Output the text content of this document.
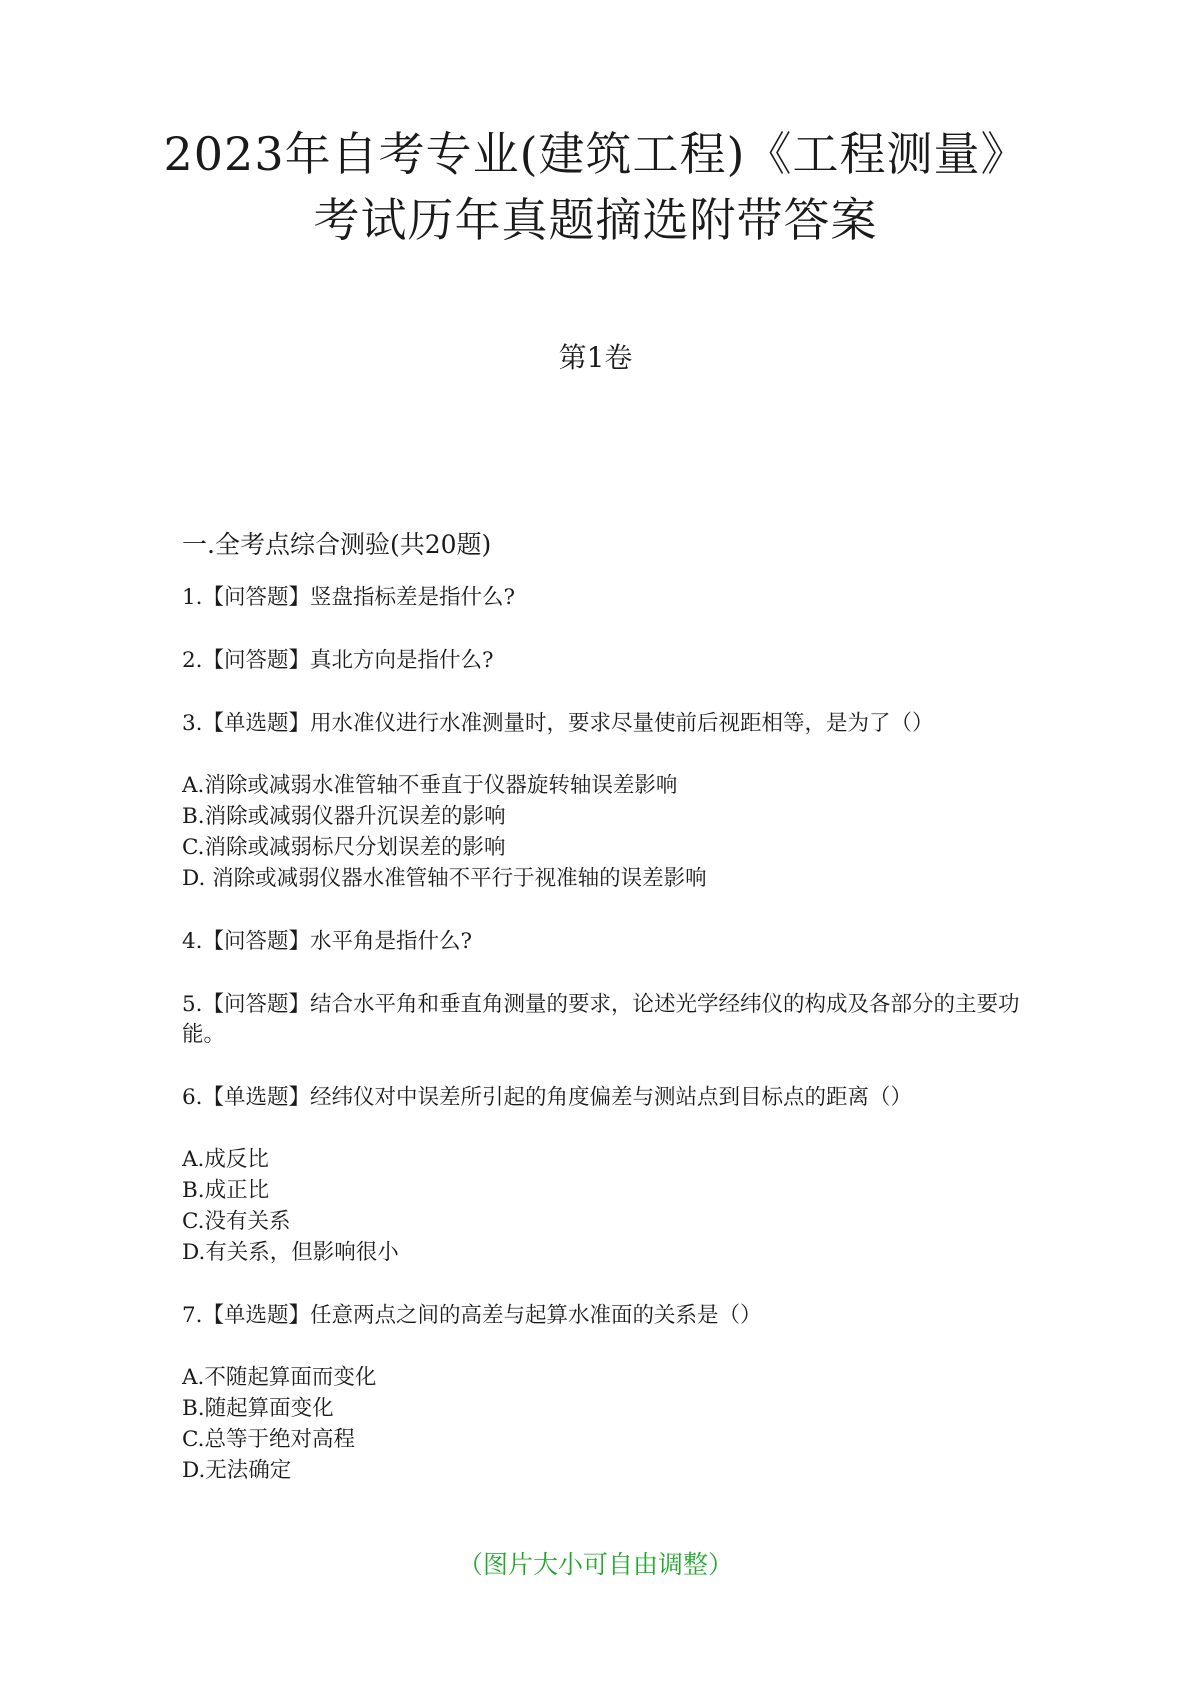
2023年自考专业(建筑工程)《工程测量》
考试历年真题摘选附带答案
第1卷
一.全考点综合测验(共20题)

1.【问答题】竖盘指标差是指什么?

2.【问答题】真北方向是指什么?

3.【单选题】用水准仪进行水准测量时，要求尽量使前后视距相等，是为了（）

A.消除或减弱水准管轴不垂直于仪器旋转轴误差影响

B.消除或减弱仪器升沉误差的影响

C.消除或减弱标尺分划误差的影响

D. 消除或减弱仪器水准管轴不平行于视准轴的误差影响

4.【问答题】水平角是指什么?

5.【问答题】结合水平角和垂直角测量的要求，论述光学经纬仪的构成及各部分的主要功能。

6.【单选题】经纬仪对中误差所引起的角度偏差与测站点到目标点的距离（）

A.成反比

B.成正比

C.没有关系

D.有关系，但影响很小

7.【单选题】任意两点之间的高差与起算水准面的关系是（）

A.不随起算面而变化

B.随起算面变化

C.总等于绝对高程

D.无法确定

（图片大小可自由调整）
